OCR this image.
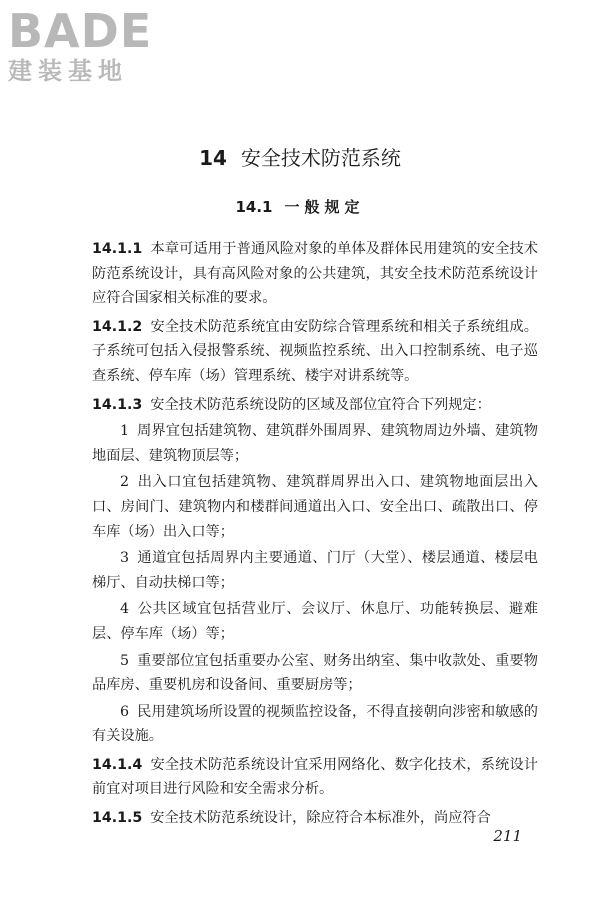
BADE
建装基地
14 安全技术防范系统
14.1 一般规定

14.1.1 本章可适用于普通风险对象的单体及群体民用建筑的安全技术防范系统设计，具有高风险对象的公共建筑，其安全技术防范系统设计应符合国家相关标准的要求。

14.1.2 安全技术防范系统宜由安防综合管理系统和相关子系统组成。子系统可包括入侵报警系统、视频监控系统、出入口控制系统、电子巡查系统、停车库（场）管理系统、楼宇对讲系统等。

14.1.3 安全技术防范系统设防的区域及部位宜符合下列规定：

1 周界宜包括建筑物、建筑群外围周界、建筑物周边外墙、建筑物地面层、建筑物顶层等；

2 出入口宜包括建筑物、建筑群周界出入口、建筑物地面层出入口、房间门、建筑物内和楼群间通道出入口、安全出口、疏散出口、停车库（场）出入口等；

3 通道宜包括周界内主要通道、门厅（大堂）、楼层通道、楼层电梯厅、自动扶梯口等；

4 公共区域宜包括营业厅、会议厅、休息厅、功能转换层、避难层、停车库（场）等；

5 重要部位宜包括重要办公室、财务出纳室、集中收款处、重要物品库房、重要机房和设备间、重要厨房等；

6 民用建筑场所设置的视频监控设备，不得直接朝向涉密和敏感的有关设施。

14.1.4 安全技术防范系统设计宜采用网络化、数字化技术，系统设计前宜对项目进行风险和安全需求分析。

14.1.5 安全技术防范系统设计，除应符合本标准外，尚应符合

211
